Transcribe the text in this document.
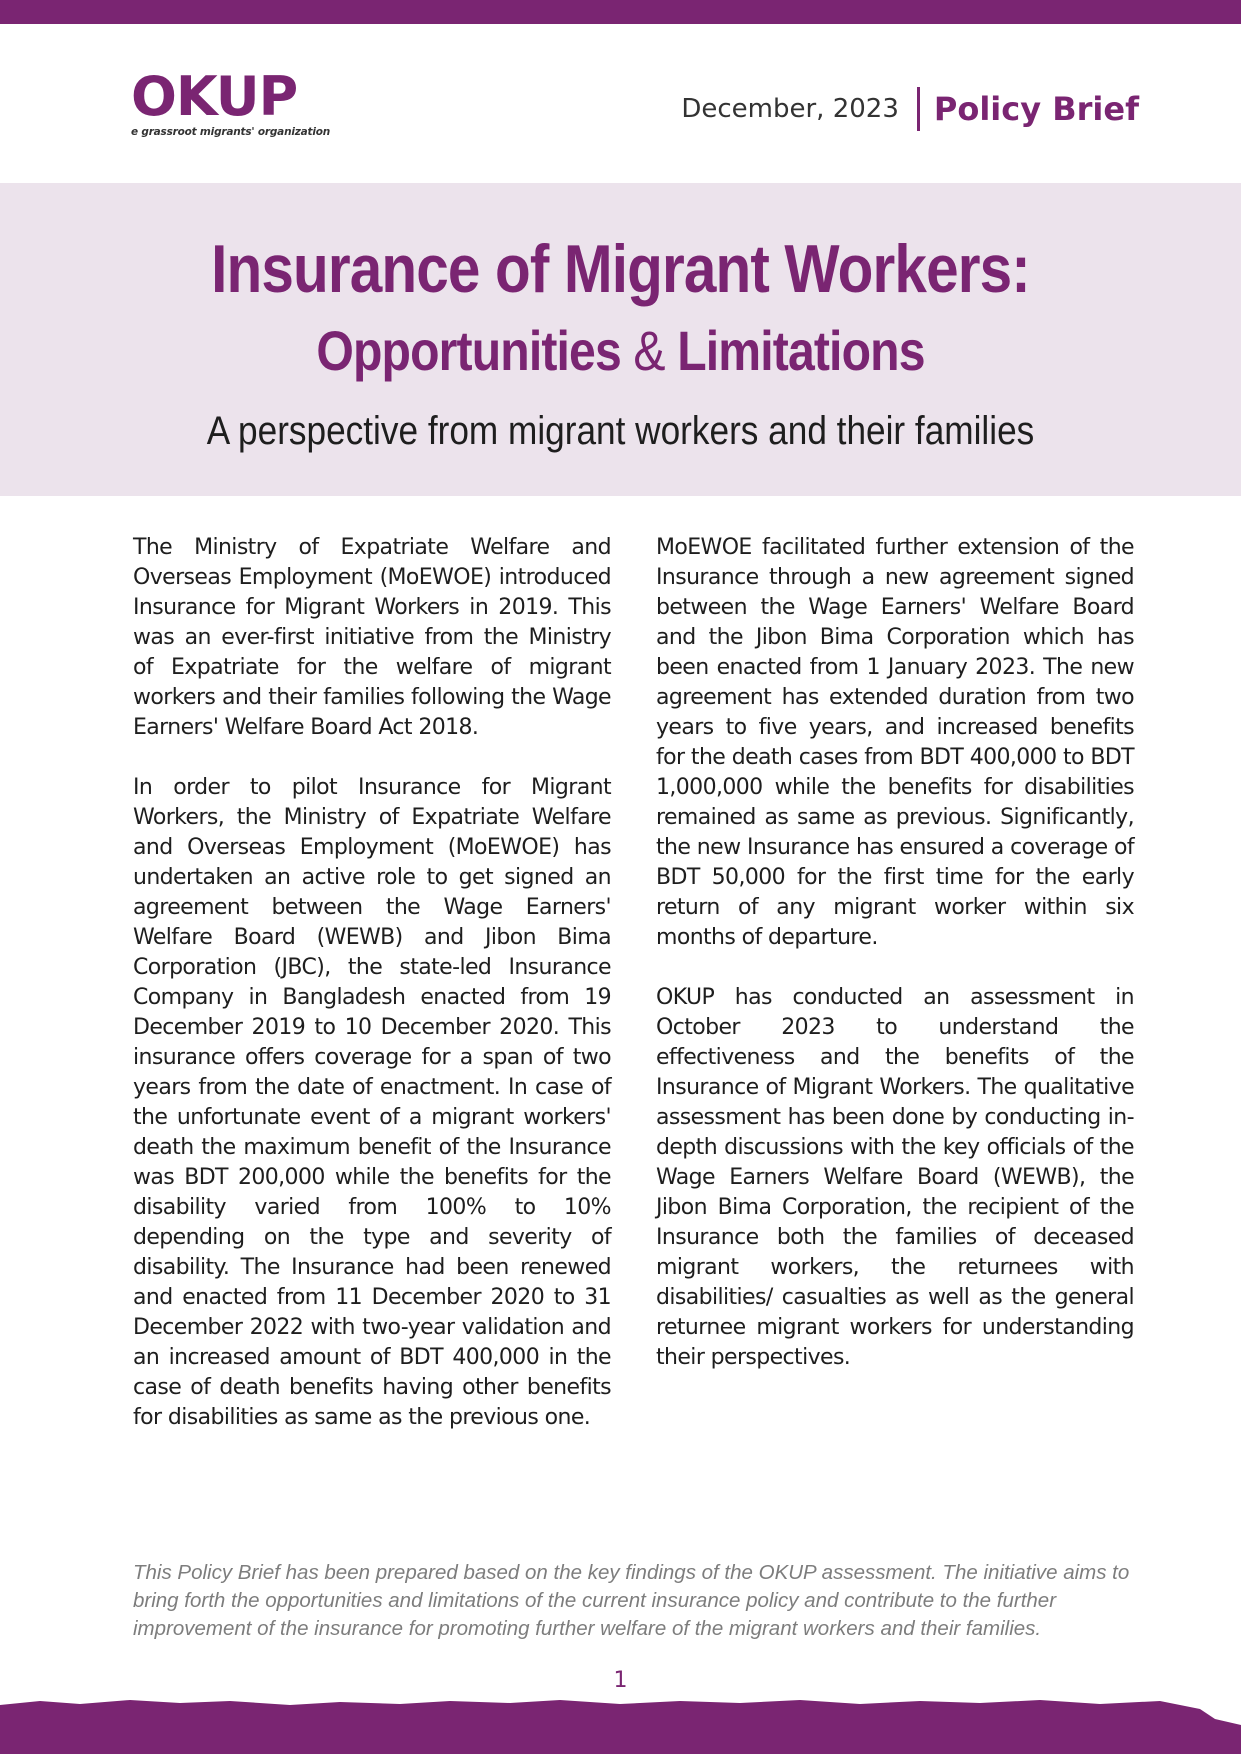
OKUP
e grassroot migrants' organization
December, 2023 Policy Brief
Insurance of Migrant Workers:
Opportunities & Limitations
A perspective from migrant workers and their families

The Ministry of Expatriate Welfare and Overseas Employment (MoEWOE) introduced Insurance for Migrant Workers in 2019. This was an ever-first initiative from the Ministry of Expatriate for the welfare of migrant workers and their families following the Wage Earners' Welfare Board Act 2018.

In order to pilot Insurance for Migrant Workers, the Ministry of Expatriate Welfare and Overseas Employment (MoEWOE) has undertaken an active role to get signed an agreement between the Wage Earners' Welfare Board (WEWB) and Jibon Bima Corporation (JBC), the state-led Insurance Company in Bangladesh enacted from 19 December 2019 to 10 December 2020. This insurance offers coverage for a span of two years from the date of enactment. In case of the unfortunate event of a migrant workers' death the maximum benefit of the Insurance was BDT 200,000 while the benefits for the disability varied from 100% to 10% depending on the type and severity of disability. The Insurance had been renewed and enacted from 11 December 2020 to 31 December 2022 with two-year validation and an increased amount of BDT 400,000 in the case of death benefits having other benefits for disabilities as same as the previous one.

MoEWOE facilitated further extension of the Insurance through a new agreement signed between the Wage Earners' Welfare Board and the Jibon Bima Corporation which has been enacted from 1 January 2023. The new agreement has extended duration from two years to five years, and increased benefits for the death cases from BDT 400,000 to BDT 1,000,000 while the benefits for disabilities remained as same as previous. Significantly, the new Insurance has ensured a coverage of BDT 50,000 for the first time for the early return of any migrant worker within six months of departure.

OKUP has conducted an assessment in October 2023 to understand the effectiveness and the benefits of the Insurance of Migrant Workers. The qualitative assessment has been done by conducting in-depth discussions with the key officials of the Wage Earners Welfare Board (WEWB), the Jibon Bima Corporation, the recipient of the Insurance both the families of deceased migrant workers, the returnees with disabilities/ casualties as well as the general returnee migrant workers for understanding their perspectives.

This Policy Brief has been prepared based on the key findings of the OKUP assessment. The initiative aims to bring forth the opportunities and limitations of the current insurance policy and contribute to the further improvement of the insurance for promoting further welfare of the migrant workers and their families.
1
